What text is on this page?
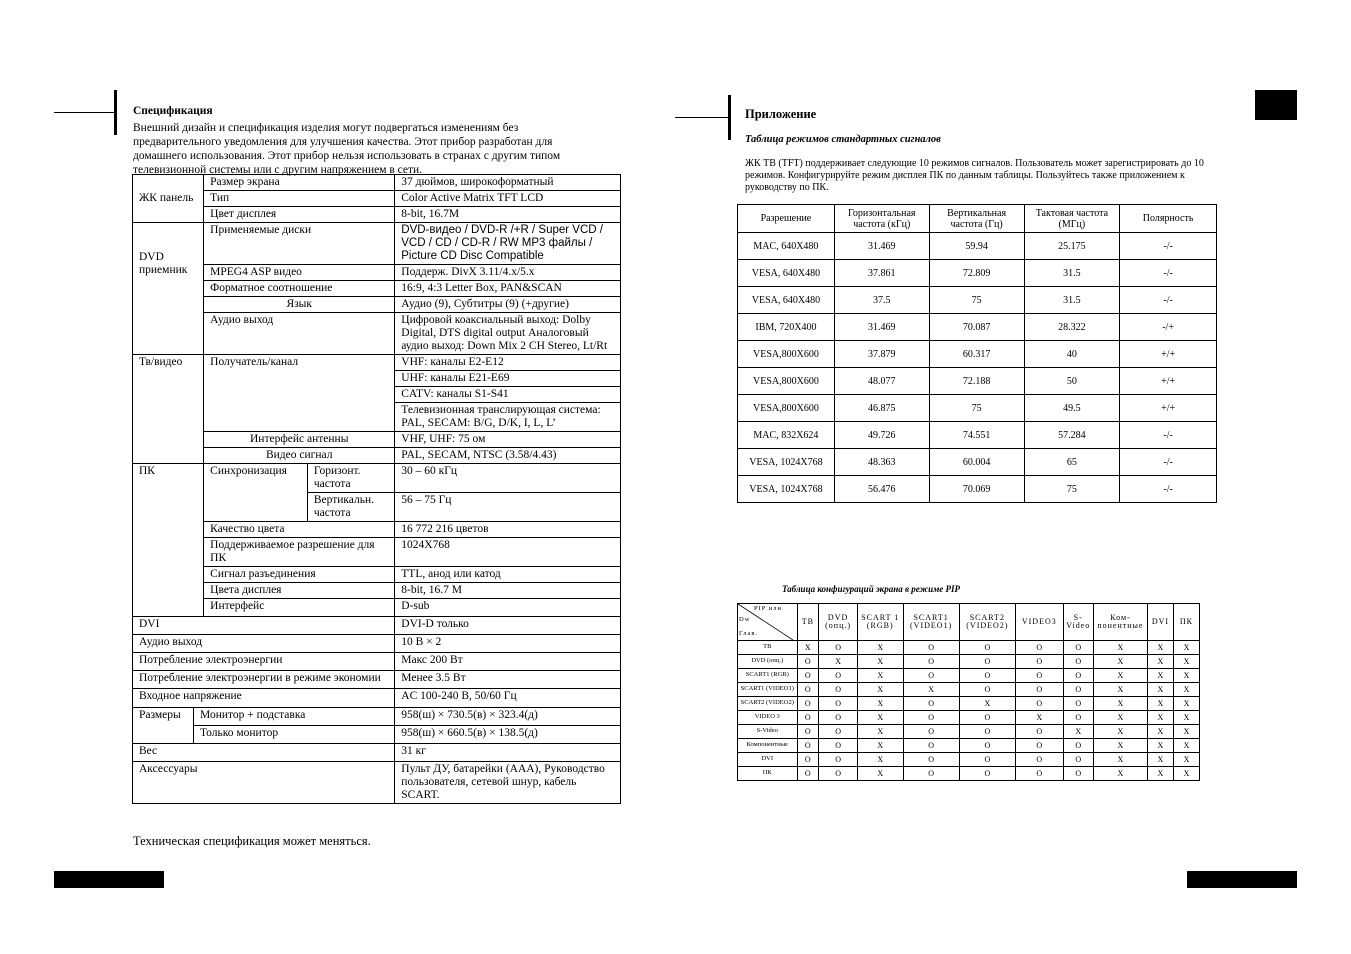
Спецификация
Внешний дизайн и спецификация изделия могут подвергаться изменениям без предварительного уведомления для улучшения качества. Этот прибор разработан для домашнего использования. Этот прибор нельзя использовать в странах с другим типом телевизионной системы или с другим напряжением в сети.
ЖК панель		Размер экрана		37 дюймов, широкоформатный
		Тип		Color Active Matrix TFT LCD
		Цвет дисплея		8-bit, 16.7M
DVD приемник		Применяемые диски		DVD-видео / DVD-R /+R / Super VCD / VCD / CD / CD-R / RW MP3 файлы / Picture CD Disc Compatible
		MPEG4 ASP видео		Поддерж. DivX 3.11/4.x/5.x
		Форматное соотношение		16:9, 4:3 Letter Box, PAN&SCAN
		Язык		Аудио (9), Субтитры (9) (+другие)
		Аудио выход		Цифровой коаксиальный выход: Dolby Digital, DTS digital output Аналоговый аудио выход: Down Mix 2 CH Stereo, Lt/Rt
Тв/видео		Получатель/канал		VHF: каналы E2-E12
				UHF: каналы E21-E69
				CATV: каналы S1-S41
				Телевизионная транслирующая система: PAL, SECAM: B/G, D/K, I, L, L’
		Интерфейс антенны		VHF, UHF: 75 ом
		Видео сигнал		PAL, SECAM, NTSC (3.58/4.43)
ПК		Синхронизация	Горизонт. частота	30 – 60 кГц
			Вертикальн. частота	56 – 75 Гц
		Качество цвета		16 772 216 цветов
		Поддерживаемое разрешение для ПК		1024X768
		Сигнал разъединения		TTL, анод или катод
		Цвета дисплея		8-bit, 16.7 M
		Интерфейс		D-sub
DVI				DVI-D только
Аудио выход				10 В × 2
Потребление электроэнергии				Макс 200 Вт
Потребление электроэнергии в режиме экономии				Менее 3.5 Вт
Входное напряжение				AC 100-240 В, 50/60 Гц
Размеры	Монитор + подставка			958(ш) × 730.5(в) × 323.4(д)
	Только монитор			958(ш) × 660.5(в) × 138.5(д)
Вес				31 кг
Аксессуары				Пульт ДУ, батарейки (ААА), Руководство пользователя, сетевой шнур, кабель SCART.
Техническая спецификация может меняться.
Приложение
Таблица режимов стандартных сигналов
ЖК ТВ (TFT) поддерживает следующие 10 режимов сигналов. Пользователь может зарегистрировать до 10 режимов. Конфигурируйте режим дисплея ПК по данным таблицы. Пользуйтесь также приложением к руководству по ПК.
Разрешение	Горизонтальная частота (кГц)	Вертикальная частота (Гц)	Тактовая частота (МГц)	Полярность
MAC, 640X480	31.469	59.94	25.175	-/-
VESA, 640X480	37.861	72.809	31.5	-/-
VESA, 640X480	37.5	75	31.5	-/-
IBM, 720X400	31.469	70.087	28.322	-/+
VESA,800X600	37.879	60.317	40	+/+
VESA,800X600	48.077	72.188	50	+/+
VESA,800X600	46.875	75	49.5	+/+
MAC, 832X624	49.726	74.551	57.284	-/-
VESA, 1024X768	48.363	60.004	65	-/-
VESA, 1024X768	56.476	70.069	75	-/-
Таблица конфигураций экрана в режиме PIP
PIP или
Dw
Глав.	ТВ	DVD (опц.)	SCART 1 (RGB)	SCART1 (VIDEO1)	SCART2 (VIDEO2)	VIDEO3	S-Video	Ком-понентные	DVI	ПК
ТВ	X	O	X	O	O	O	O	X	X	X
DVD (опц.)	O	X	X	O	O	O	O	X	X	X
SCART1 (RGB)	O	O	X	O	O	O	O	X	X	X
SCART1 (VIDEO1)	O	O	X	X	O	O	O	X	X	X
SCART2 (VIDEO2)	O	O	X	O	X	O	O	X	X	X
VIDEO 3	O	O	X	O	O	X	O	X	X	X
S-Video	O	O	X	O	O	O	X	X	X	X
Компонентные	O	O	X	O	O	O	O	X	X	X
DVI	O	O	X	O	O	O	O	X	X	X
ПК	O	O	X	O	O	O	O	X	X	X
